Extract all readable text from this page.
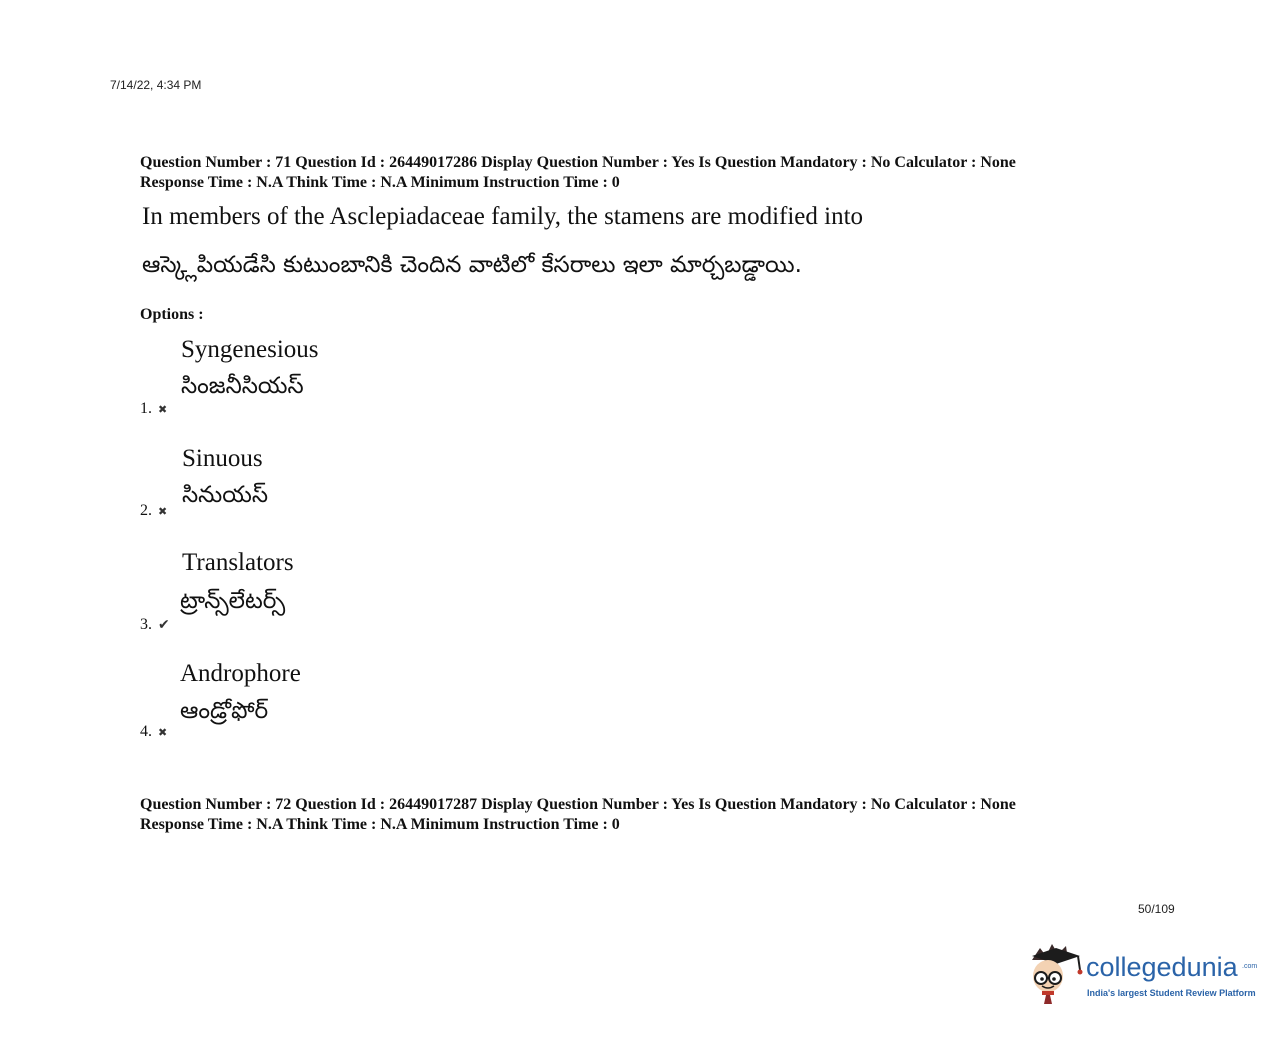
7/14/22, 4:34 PM
Question Number : 71 Question Id : 26449017286 Display Question Number : Yes Is Question Mandatory : No Calculator : None
Response Time : N.A Think Time : N.A Minimum Instruction Time : 0
In members of the Asclepiadaceae family, the stamens are modified into
ఆస్క్లెపియడేసి కుటుంబానికి చెందిన వాటిలో కేసరాలు ఇలా మార్చబడ్డాయి.
Options :
Syngenesious
సింజనీసియస్
1. ✖
Sinuous
సినుయస్
2. ✖
Translators
ట్రాన్స్‌లేటర్స్
3. ✔
Androphore
ఆండ్రోఫోర్
4. ✖
Question Number : 72 Question Id : 26449017287 Display Question Number : Yes Is Question Mandatory : No Calculator : None
Response Time : N.A Think Time : N.A Minimum Instruction Time : 0
50/109
collegedunia .com
India's largest Student Review Platform
